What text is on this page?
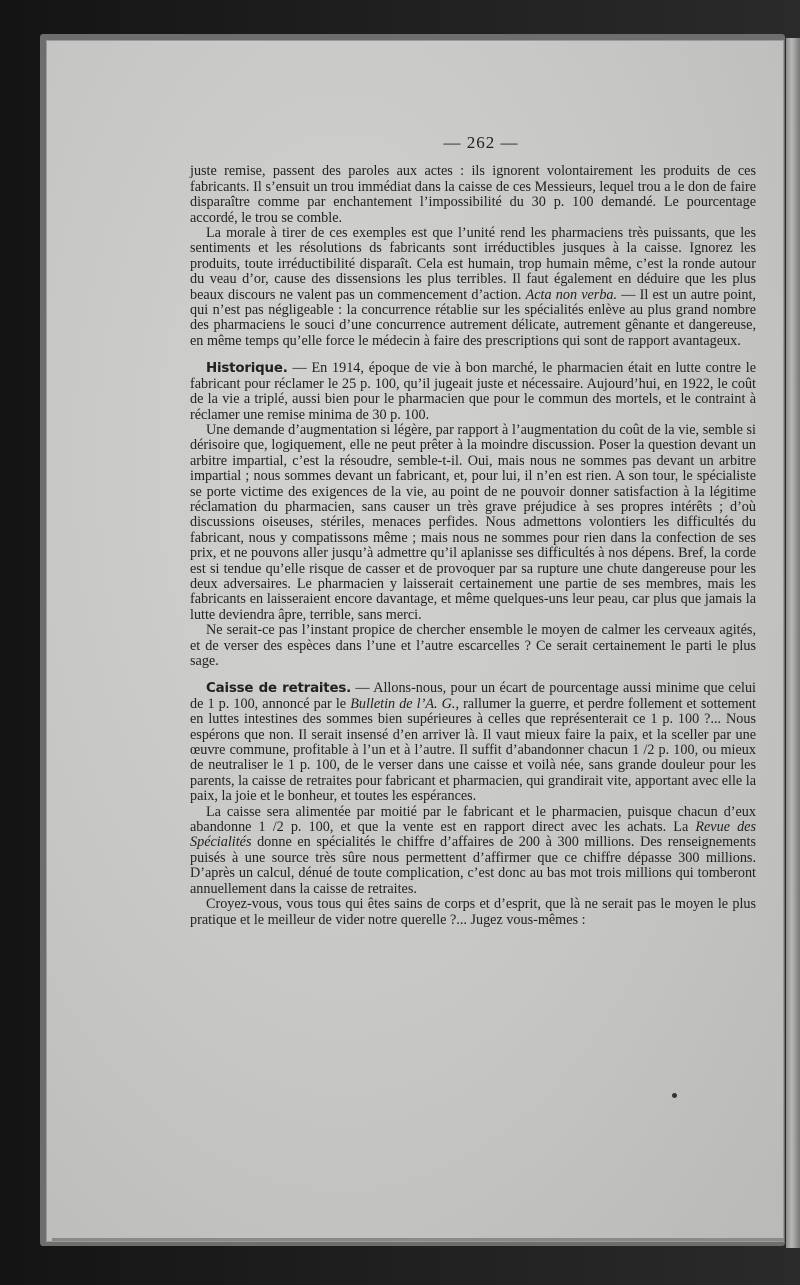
— 262 —

juste remise, passent des paroles aux actes : ils ignorent volontairement les produits de ces fabricants. Il s’ensuit un trou immédiat dans la caisse de ces Messieurs, lequel trou a le don de faire disparaître comme par enchantement l’impossibilité du 30 p. 100 demandé. Le pourcentage accordé, le trou se comble.

La morale à tirer de ces exemples est que l’unité rend les pharmaciens très puissants, que les sentiments et les résolutions ds fabricants sont irréductibles jusques à la caisse. Ignorez les produits, toute irréductibilité disparaît. Cela est humain, trop humain même, c’est la ronde autour du veau d’or, cause des dissensions les plus terribles. Il faut également en déduire que les plus beaux discours ne valent pas un commencement d’action. Acta non verba. — Il est un autre point, qui n’est pas négligeable : la concurrence rétablie sur les spécialités enlève au plus grand nombre des pharmaciens le souci d’une concurrence autrement délicate, autrement gênante et dangereuse, en même temps qu’elle force le médecin à faire des prescriptions qui sont de rapport avantageux.

Historique. — En 1914, époque de vie à bon marché, le pharmacien était en lutte contre le fabricant pour réclamer le 25 p. 100, qu’il jugeait juste et nécessaire. Aujourd’hui, en 1922, le coût de la vie a triplé, aussi bien pour le pharmacien que pour le commun des mortels, et le contraint à réclamer une remise minima de 30 p. 100.

Une demande d’augmentation si légère, par rapport à l’augmentation du coût de la vie, semble si dérisoire que, logiquement, elle ne peut prêter à la moindre discussion. Poser la question devant un arbitre impartial, c’est la résoudre, semble-t-il. Oui, mais nous ne sommes pas devant un arbitre impartial ; nous sommes devant un fabricant, et, pour lui, il n’en est rien. A son tour, le spécialiste se porte victime des exigences de la vie, au point de ne pouvoir donner satisfaction à la légitime réclamation du pharmacien, sans causer un très grave préjudice à ses propres intérêts ; d’où discussions oiseuses, stériles, menaces perfides. Nous admettons volontiers les difficultés du fabricant, nous y compatissons même ; mais nous ne sommes pour rien dans la confection de ses prix, et ne pouvons aller jusqu’à admettre qu’il aplanisse ses difficultés à nos dépens. Bref, la corde est si tendue qu’elle risque de casser et de provoquer par sa rupture une chute dangereuse pour les deux adversaires. Le pharmacien y laisserait certainement une partie de ses membres, mais les fabricants en laisseraient encore davantage, et même quelques-uns leur peau, car plus que jamais la lutte deviendra âpre, terrible, sans merci.

Ne serait-ce pas l’instant propice de chercher ensemble le moyen de calmer les cerveaux agités, et de verser des espèces dans l’une et l’autre escarcelles ? Ce serait certainement le parti le plus sage.

Caisse de retraites. — Allons-nous, pour un écart de pourcentage aussi minime que celui de 1 p. 100, annoncé par le Bulletin de l’A. G., rallumer la guerre, et perdre follement et sottement en luttes intestines des sommes bien supérieures à celles que représenterait ce 1 p. 100 ?... Nous espérons que non. Il serait insensé d’en arriver là. Il vaut mieux faire la paix, et la sceller par une œuvre commune, profitable à l’un et à l’autre. Il suffit d’abandonner chacun 1 /2 p. 100, ou mieux de neutraliser le 1 p. 100, de le verser dans une caisse et voilà née, sans grande douleur pour les parents, la caisse de retraites pour fabricant et pharmacien, qui grandirait vite, apportant avec elle la paix, la joie et le bonheur, et toutes les espérances.

La caisse sera alimentée par moitié par le fabricant et le pharmacien, puisque chacun d’eux abandonne 1 /2 p. 100, et que la vente est en rapport direct avec les achats. La Revue des Spécialités donne en spécialités le chiffre d’affaires de 200 à 300 millions. Des renseignements puisés à une source très sûre nous permettent d’affirmer que ce chiffre dépasse 300 millions. D’après un calcul, dénué de toute complication, c’est donc au bas mot trois millions qui tomberont annuellement dans la caisse de retraites.

Croyez-vous, vous tous qui êtes sains de corps et d’esprit, que là ne serait pas le moyen le plus pratique et le meilleur de vider notre querelle ?... Jugez vous-mêmes :
